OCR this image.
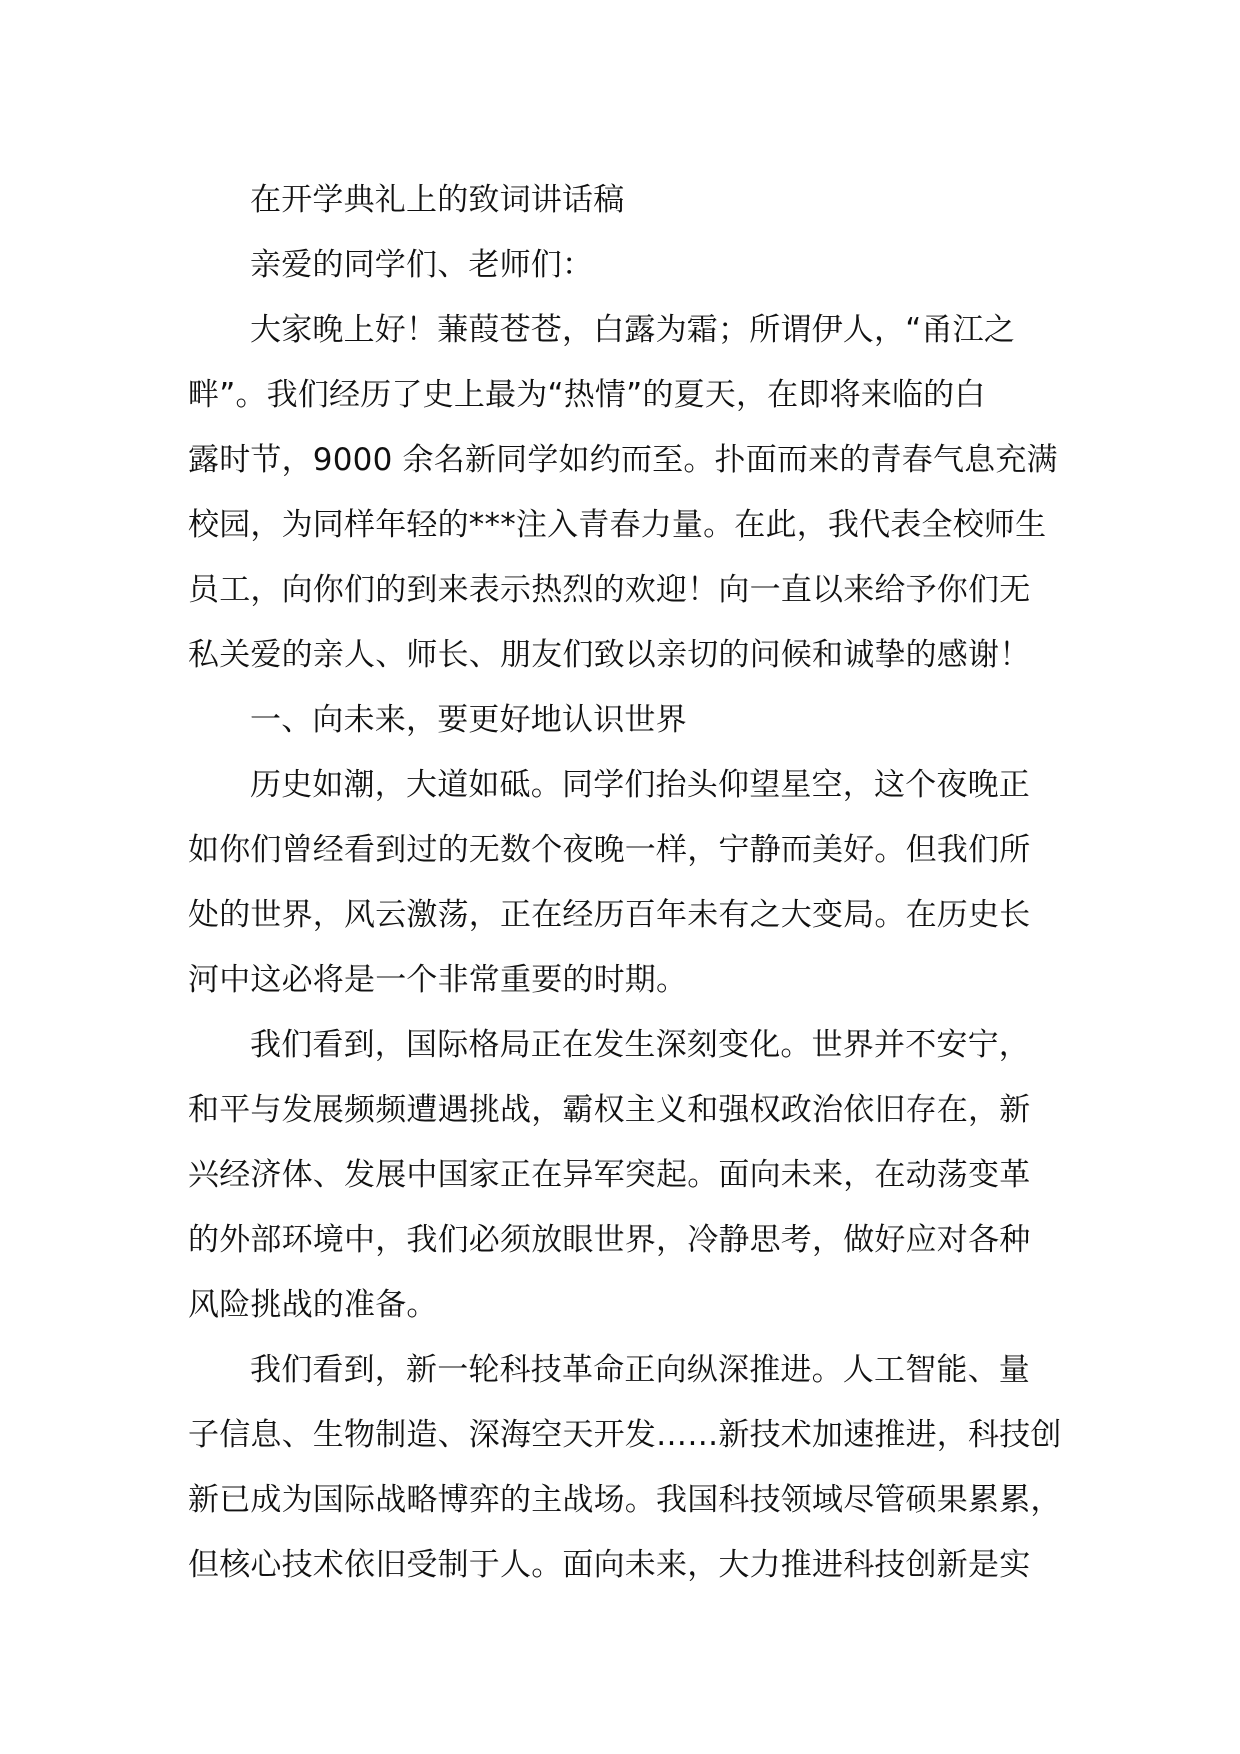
在开学典礼上的致词讲话稿
亲爱的同学们、老师们：
大家晚上好！蒹葭苍苍，白露为霜；所谓伊人，“甬江之
畔”。我们经历了史上最为“热情”的夏天，在即将来临的白
露时节，9000 余名新同学如约而至。扑面而来的青春气息充满
校园，为同样年轻的***注入青春力量。在此，我代表全校师生
员工，向你们的到来表示热烈的欢迎！向一直以来给予你们无
私关爱的亲人、师长、朋友们致以亲切的问候和诚挚的感谢！
一、向未来，要更好地认识世界
历史如潮，大道如砥。同学们抬头仰望星空，这个夜晚正
如你们曾经看到过的无数个夜晚一样，宁静而美好。但我们所
处的世界，风云激荡，正在经历百年未有之大变局。在历史长
河中这必将是一个非常重要的时期。
我们看到，国际格局正在发生深刻变化。世界并不安宁，
和平与发展频频遭遇挑战，霸权主义和强权政治依旧存在，新
兴经济体、发展中国家正在异军突起。面向未来，在动荡变革
的外部环境中，我们必须放眼世界，冷静思考，做好应对各种
风险挑战的准备。
我们看到，新一轮科技革命正向纵深推进。人工智能、量
子信息、生物制造、深海空天开发……新技术加速推进，科技创
新已成为国际战略博弈的主战场。我国科技领域尽管硕果累累，
但核心技术依旧受制于人。面向未来，大力推进科技创新是实
